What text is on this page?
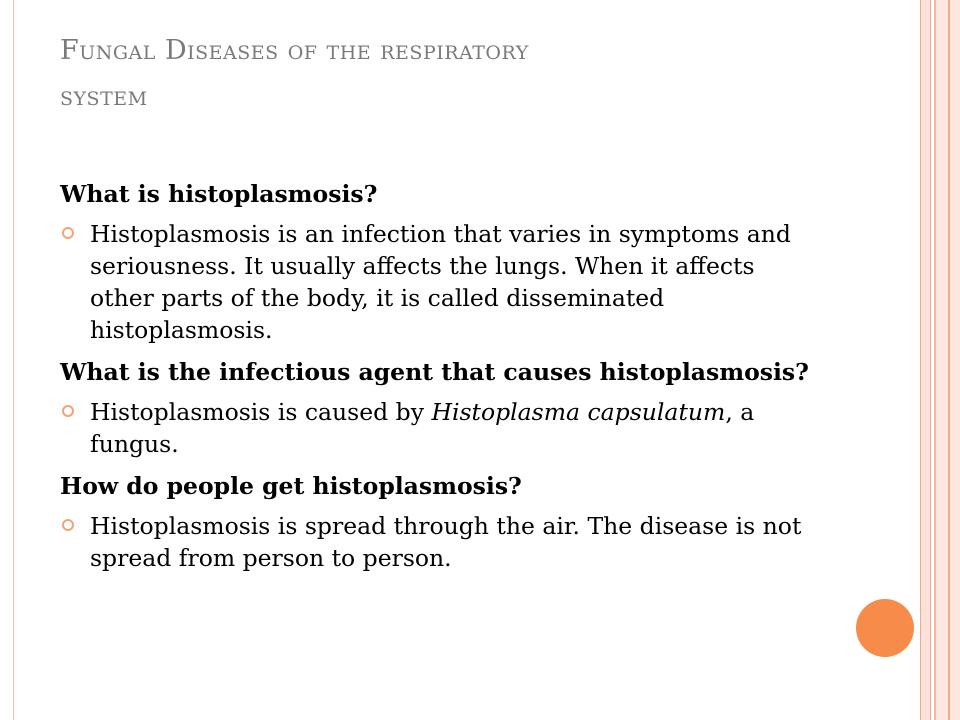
Fungal Diseases of the respiratory
system
What is histoplasmosis?
Histoplasmosis is an infection that varies in symptoms and seriousness. It usually affects the lungs. When it affects other parts of the body, it is called disseminated histoplasmosis.
What is the infectious agent that causes histoplasmosis?
Histoplasmosis is caused by Histoplasma capsulatum, a fungus.
How do people get histoplasmosis?
Histoplasmosis is spread through the air. The disease is not spread from person to person.
